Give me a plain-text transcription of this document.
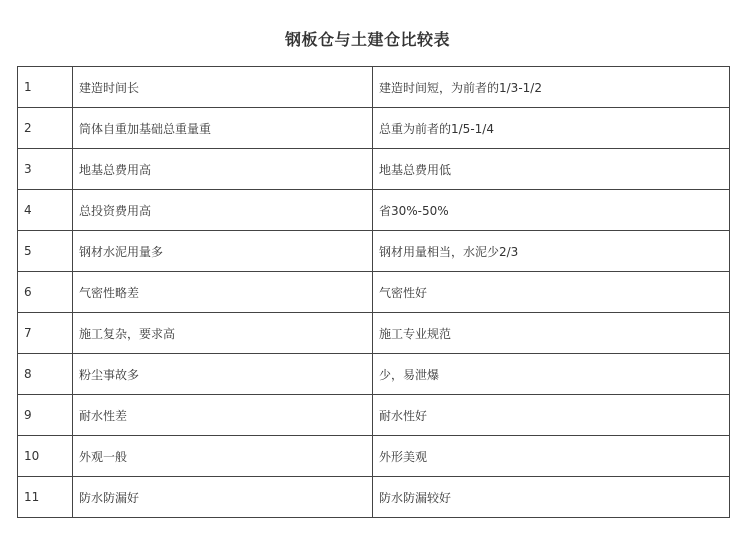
钢板仓与土建仓比较表
1	建造时间长	建造时间短，为前者的1/3-1/2
2	筒体自重加基础总重量重	总重为前者的1/5-1/4
3	地基总费用高	地基总费用低
4	总投资费用高	省30%-50%
5	钢材水泥用量多	钢材用量相当，水泥少2/3
6	气密性略差	气密性好
7	施工复杂，要求高	施工专业规范
8	粉尘事故多	少，易泄爆
9	耐水性差	耐水性好
10	外观一般	外形美观
11	防水防漏好	防水防漏较好
